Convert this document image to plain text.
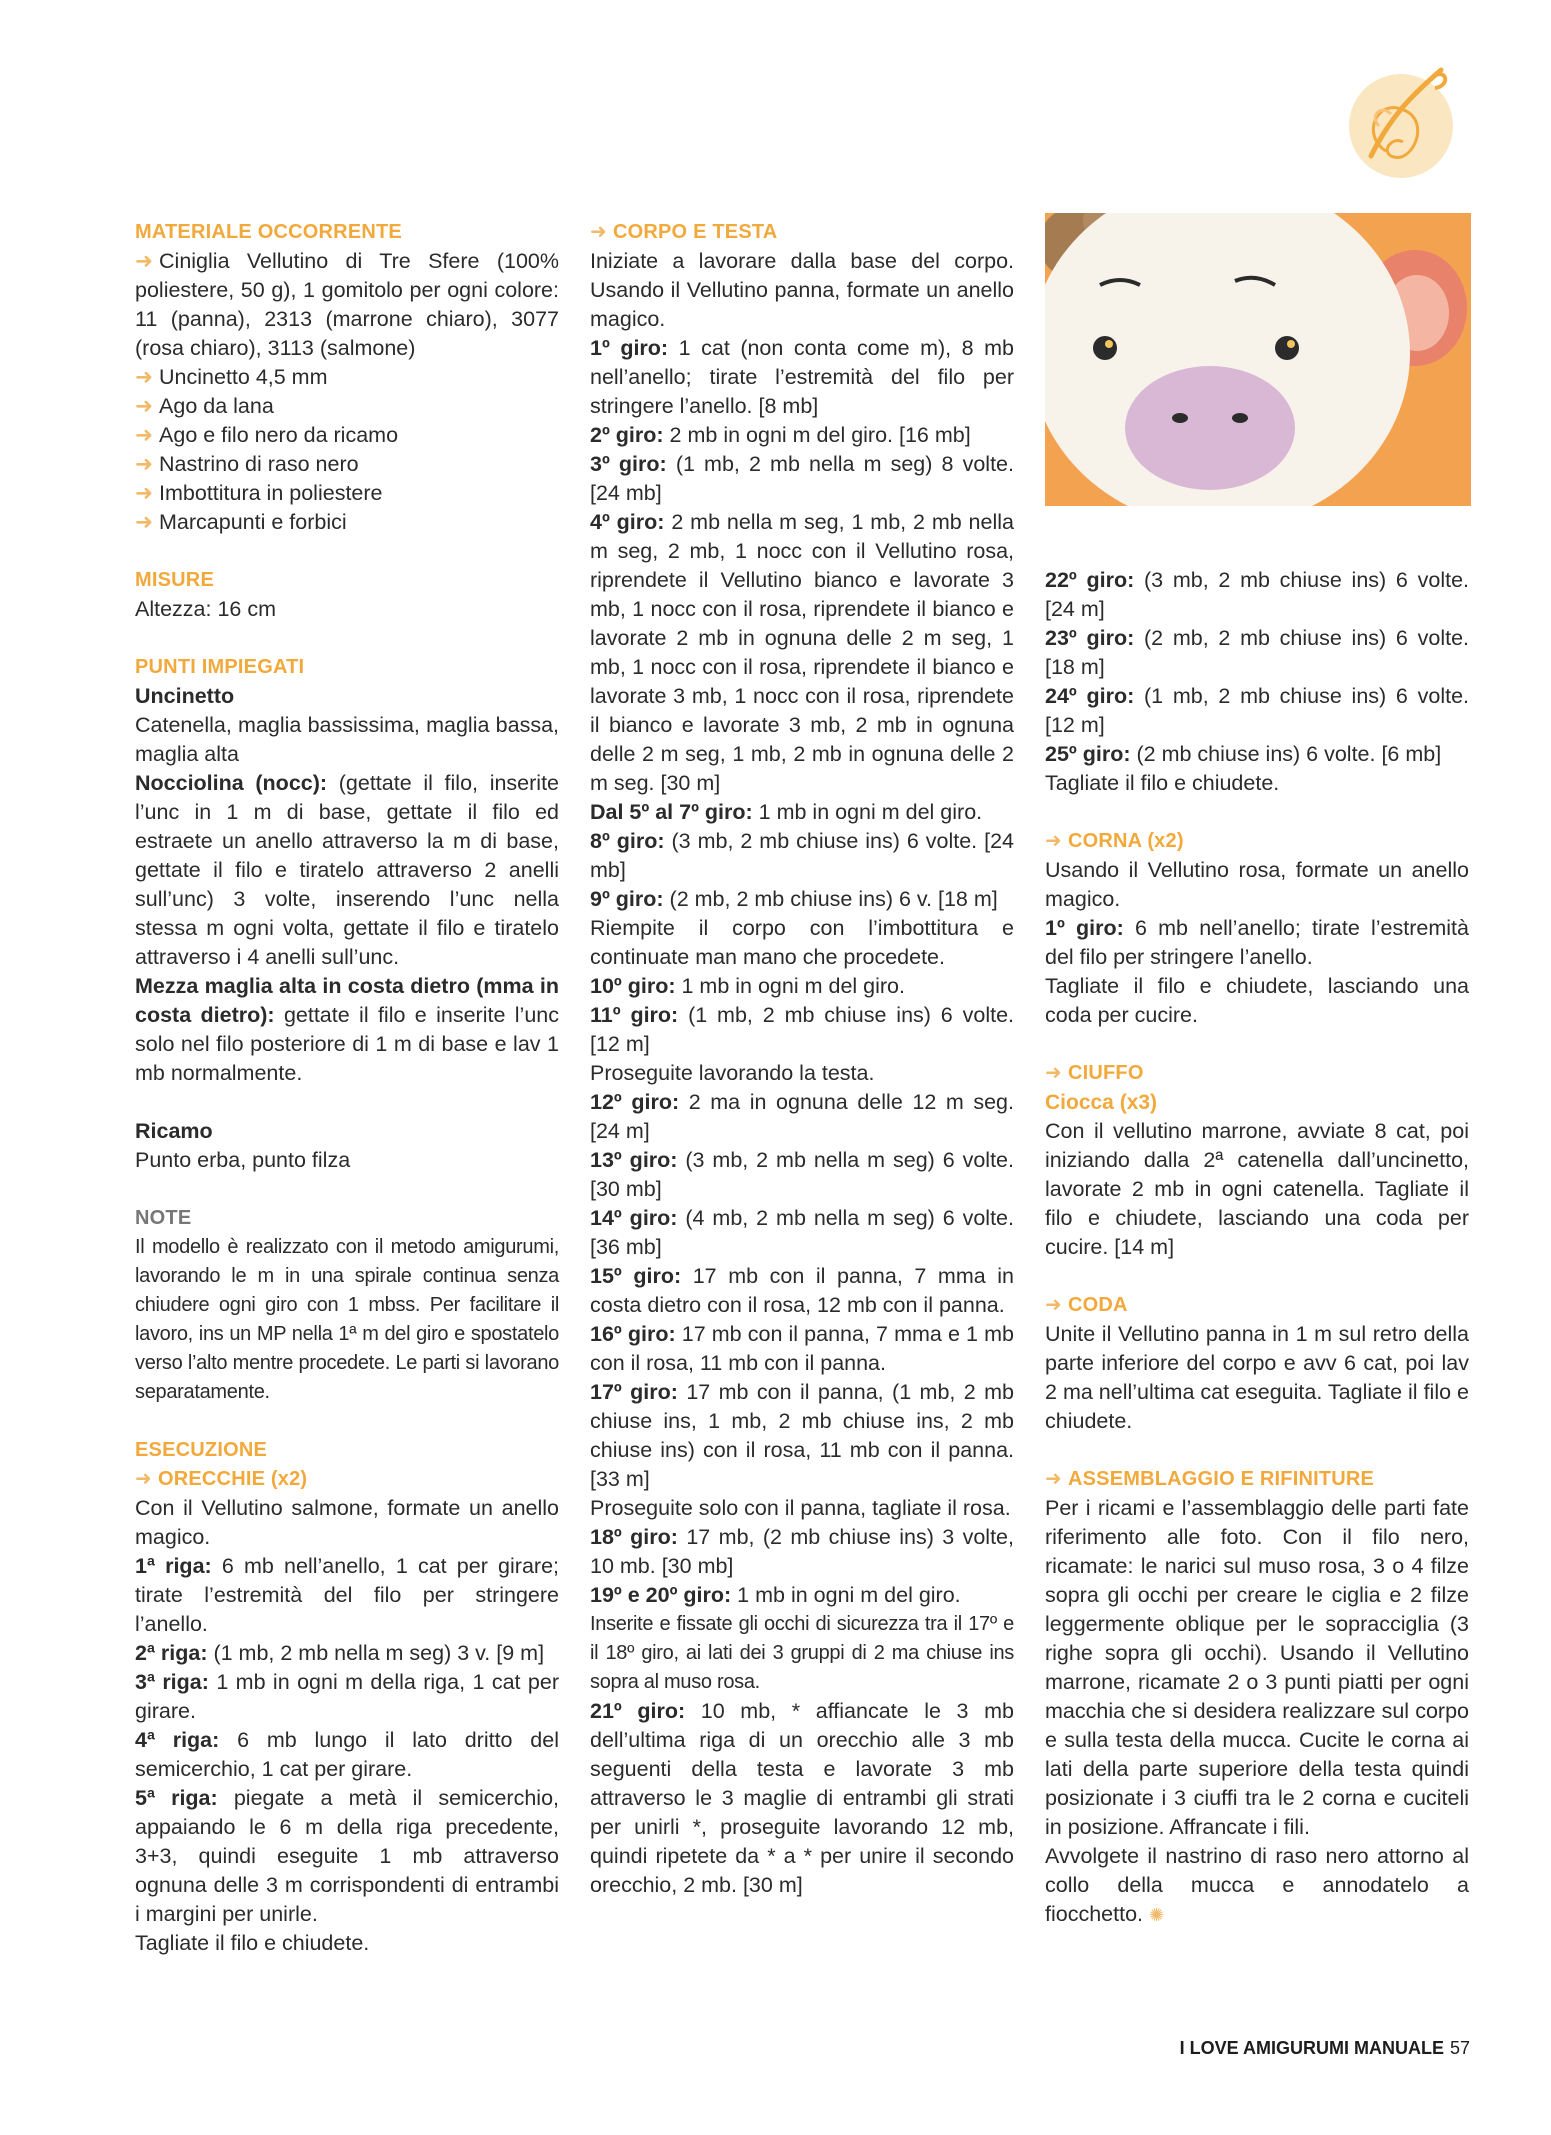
MATERIALE OCCORRENTE
➜ Ciniglia Vellutino di Tre Sfere (100% poliestere, 50 g), 1 gomitolo per ogni colore: 11 (panna), 2313 (marrone chiaro), 3077 (rosa chiaro), 3113 (salmone)
➜ Uncinetto 4,5 mm
➜ Ago da lana
➜ Ago e filo nero da ricamo
➜ Nastrino di raso nero
➜ Imbottitura in poliestere
➜ Marcapunti e forbici
MISURE
Altezza: 16 cm
PUNTI IMPIEGATI
Uncinetto
Catenella, maglia bassissima, maglia bassa, maglia alta
Nocciolina (nocc): (gettate il filo, inserite l’unc in 1 m di base, gettate il filo ed estraete un anello attraverso la m di base, gettate il filo e tiratelo attraverso 2 anelli sull’unc) 3 volte, inserendo l’unc nella stessa m ogni volta, gettate il filo e tiratelo attraverso i 4 anelli sull’unc.
Mezza maglia alta in costa dietro (mma in costa dietro): gettate il filo e inserite l’unc solo nel filo posteriore di 1 m di base e lav 1 mb normalmente.
Ricamo
Punto erba, punto filza
NOTE
Il modello è realizzato con il metodo amigurumi, lavorando le m in una spirale continua senza chiudere ogni giro con 1 mbss. Per facilitare il lavoro, ins un MP nella 1ª m del giro e spostatelo verso l’alto mentre procedete. Le parti si lavorano separatamente.
ESECUZIONE
➜ ORECCHIE (x2)
Con il Vellutino salmone, formate un anello magico.
1ª riga: 6 mb nell’anello, 1 cat per girare; tirate l’estremità del filo per stringere l’anello.
2ª riga: (1 mb, 2 mb nella m seg) 3 v. [9 m]
3ª riga: 1 mb in ogni m della riga, 1 cat per girare.
4ª riga: 6 mb lungo il lato dritto del semicerchio, 1 cat per girare.
5ª riga: piegate a metà il semicerchio, appaiando le 6 m della riga precedente, 3+3, quindi eseguite 1 mb attraverso ognuna delle 3 m corrispondenti di entrambi i margini per unirle.
Tagliate il filo e chiudete.
➜ CORPO E TESTA
Iniziate a lavorare dalla base del corpo. Usando il Vellutino panna, formate un anello magico.
1º giro: 1 cat (non conta come m), 8 mb nell’anello; tirate l’estremità del filo per stringere l’anello. [8 mb]
2º giro: 2 mb in ogni m del giro. [16 mb]
3º giro: (1 mb, 2 mb nella m seg) 8 volte. [24 mb]
4º giro: 2 mb nella m seg, 1 mb, 2 mb nella m seg, 2 mb, 1 nocc con il Vellutino rosa, riprendete il Vellutino bianco e lavorate 3 mb, 1 nocc con il rosa, riprendete il bianco e lavorate 2 mb in ognuna delle 2 m seg, 1 mb, 1 nocc con il rosa, riprendete il bianco e lavorate 3 mb, 1 nocc con il rosa, riprendete il bianco e lavorate 3 mb, 2 mb in ognuna delle 2 m seg, 1 mb, 2 mb in ognuna delle 2 m seg. [30 m]
Dal 5º al 7º giro: 1 mb in ogni m del giro.
8º giro: (3 mb, 2 mb chiuse ins) 6 volte. [24 mb]
9º giro: (2 mb, 2 mb chiuse ins) 6 v. [18 m]
Riempite il corpo con l’imbottitura e continuate man mano che procedete.
10º giro: 1 mb in ogni m del giro.
11º giro: (1 mb, 2 mb chiuse ins) 6 volte. [12 m]
Proseguite lavorando la testa.
12º giro: 2 ma in ognuna delle 12 m seg. [24 m]
13º giro: (3 mb, 2 mb nella m seg) 6 volte. [30 mb]
14º giro: (4 mb, 2 mb nella m seg) 6 volte. [36 mb]
15º giro: 17 mb con il panna, 7 mma in costa dietro con il rosa, 12 mb con il panna.
16º giro: 17 mb con il panna, 7 mma e 1 mb con il rosa, 11 mb con il panna.
17º giro: 17 mb con il panna, (1 mb, 2 mb chiuse ins, 1 mb, 2 mb chiuse ins, 2 mb chiuse ins) con il rosa, 11 mb con il panna. [33 m]
Proseguite solo con il panna, tagliate il rosa.
18º giro: 17 mb, (2 mb chiuse ins) 3 volte, 10 mb. [30 mb]
19º e 20º giro: 1 mb in ogni m del giro.
Inserite e fissate gli occhi di sicurezza tra il 17º e il 18º giro, ai lati dei 3 gruppi di 2 ma chiuse ins sopra al muso rosa.
21º giro: 10 mb, * affiancate le 3 mb dell’ultima riga di un orecchio alle 3 mb seguenti della testa e lavorate 3 mb attraverso le 3 maglie di entrambi gli strati per unirli *, proseguite lavorando 12 mb, quindi ripetete da * a * per unire il secondo orecchio, 2 mb. [30 m]
22º giro: (3 mb, 2 mb chiuse ins) 6 volte. [24 m]
23º giro: (2 mb, 2 mb chiuse ins) 6 volte. [18 m]
24º giro: (1 mb, 2 mb chiuse ins) 6 volte. [12 m]
25º giro: (2 mb chiuse ins) 6 volte. [6 mb]
Tagliate il filo e chiudete.
➜ CORNA (x2)
Usando il Vellutino rosa, formate un anello magico.
1º giro: 6 mb nell’anello; tirate l’estremità del filo per stringere l’anello.
Tagliate il filo e chiudete, lasciando una coda per cucire.
➜ CIUFFO
Ciocca (x3)
Con il vellutino marrone, avviate 8 cat, poi iniziando dalla 2ª catenella dall’uncinetto, lavorate 2 mb in ogni catenella. Tagliate il filo e chiudete, lasciando una coda per cucire. [14 m]
➜ CODA
Unite il Vellutino panna in 1 m sul retro della parte inferiore del corpo e avv 6 cat, poi lav 2 ma nell’ultima cat eseguita. Tagliate il filo e chiudete.
➜ ASSEMBLAGGIO E RIFINITURE
Per i ricami e l’assemblaggio delle parti fate riferimento alle foto. Con il filo nero, ricamate: le narici sul muso rosa, 3 o 4 filze sopra gli occhi per creare le ciglia e 2 filze leggermente oblique per le sopracciglia (3 righe sopra gli occhi). Usando il Vellutino marrone, ricamate 2 o 3 punti piatti per ogni macchia che si desidera realizzare sul corpo e sulla testa della mucca. Cucite le corna ai lati della parte superiore della testa quindi posizionate i 3 ciuffi tra le 2 corna e cuciteli in posizione. Affrancate i fili.
Avvolgete il nastrino di raso nero attorno al collo della mucca e annodatelo a fiocchetto. ✺
I LOVE AMIGURUMI MANUALE 57
